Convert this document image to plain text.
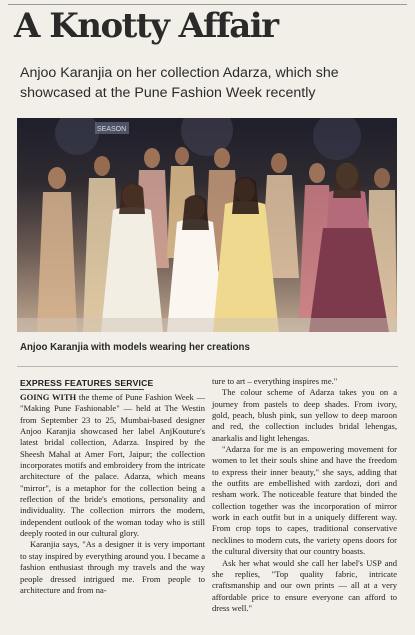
A Knotty Affair
Anjoo Karanjia on her collection Adarza, which she showcased at the Pune Fashion Week recently
SEASON
Anjoo Karanjia with models wearing her creations
EXPRESS FEATURES SERVICE

GOING WITH the theme of Pune Fashion Week — "Making Pune Fashionable" — held at The Westin from September 23 to 25, Mumbai-based designer Anjoo Karanjia showcased her label AnjKouture's latest bridal collection, Adarza. Inspired by the Sheesh Mahal at Amer Fort, Jaipur; the collection incorporates motifs and embroidery from the intricate architecture of the palace. Adarza, which means "mirror", is a metaphor for the collection being a reflection of the bride's emotions, personality and individuality. The collection mirrors the modern, independent outlook of the woman today who is still deeply rooted in our cultural glory.

Karanjia says, "As a designer it is very important to stay inspired by everything around you. I became a fashion enthusiast through my travels and the way people dressed intrigued me. From people to architecture and from na-

ture to art – everything inspires me."

The colour scheme of Adarza takes you on a journey from pastels to deep shades. From ivory, gold, peach, blush pink, sun yellow to deep maroon and red, the collection includes bridal lehengas, anarkalis and light lehengas.

"Adarza for me is an empowering movement for women to let their souls shine and have the freedom to express their inner beauty," she says, adding that the outfits are embellished with zardozi, dori and resham work. The noticeable feature that binded the collection together was the incorporation of mirror work in each outfit but in a uniquely different way. From crop tops to capes, traditional conservative necklines to modern cuts, the variety opens doors for the cultural diversity that our country boasts.

Ask her what would she call her label's USP and she replies, "Top quality fabric, intricate craftsmanship and our own prints — all at a very affordable price to ensure everyone can afford to dress well."
